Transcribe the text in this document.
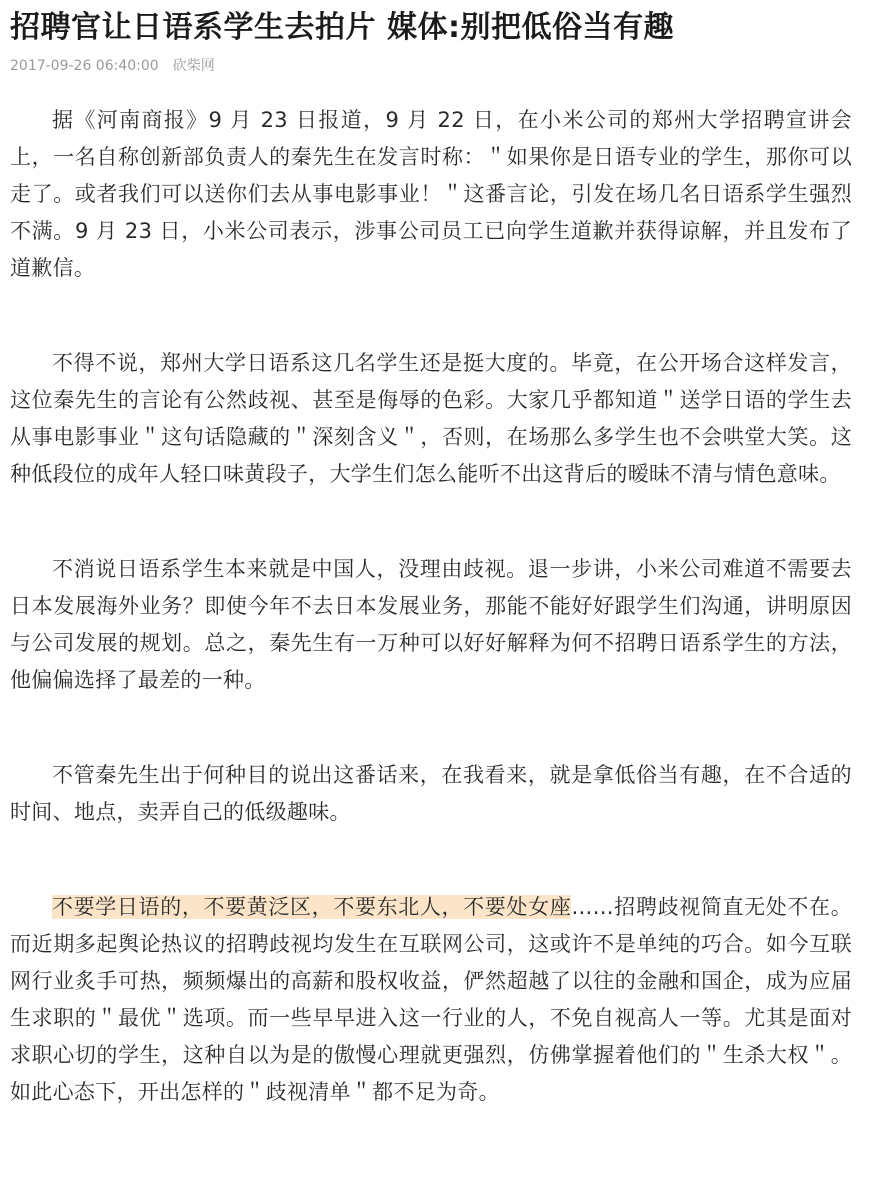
招聘官让日语系学生去拍片 媒体:别把低俗当有趣
2017-09-26 06:40:00 砍柴网

据《河南商报》9 月 23 日报道，9 月 22 日，在小米公司的郑州大学招聘宣讲会上，一名自称创新部负责人的秦先生在发言时称：＂如果你是日语专业的学生，那你可以走了。或者我们可以送你们去从事电影事业！＂这番言论，引发在场几名日语系学生强烈不满。9 月 23 日，小米公司表示，涉事公司员工已向学生道歉并获得谅解，并且发布了道歉信。

不得不说，郑州大学日语系这几名学生还是挺大度的。毕竟，在公开场合这样发言，这位秦先生的言论有公然歧视、甚至是侮辱的色彩。大家几乎都知道＂送学日语的学生去从事电影事业＂这句话隐藏的＂深刻含义＂，否则，在场那么多学生也不会哄堂大笑。这种低段位的成年人轻口味黄段子，大学生们怎么能听不出这背后的暧昧不清与情色意味。

不消说日语系学生本来就是中国人，没理由歧视。退一步讲，小米公司难道不需要去日本发展海外业务？即使今年不去日本发展业务，那能不能好好跟学生们沟通，讲明原因与公司发展的规划。总之，秦先生有一万种可以好好解释为何不招聘日语系学生的方法，他偏偏选择了最差的一种。

不管秦先生出于何种目的说出这番话来，在我看来，就是拿低俗当有趣，在不合适的时间、地点，卖弄自己的低级趣味。

不要学日语的，不要黄泛区，不要东北人，不要处女座……招聘歧视简直无处不在。而近期多起舆论热议的招聘歧视均发生在互联网公司，这或许不是单纯的巧合。如今互联网行业炙手可热，频频爆出的高薪和股权收益，俨然超越了以往的金融和国企，成为应届生求职的＂最优＂选项。而一些早早进入这一行业的人，不免自视高人一等。尤其是面对求职心切的学生，这种自以为是的傲慢心理就更强烈，仿佛掌握着他们的＂生杀大权＂。如此心态下，开出怎样的＂歧视清单＂都不足为奇。
